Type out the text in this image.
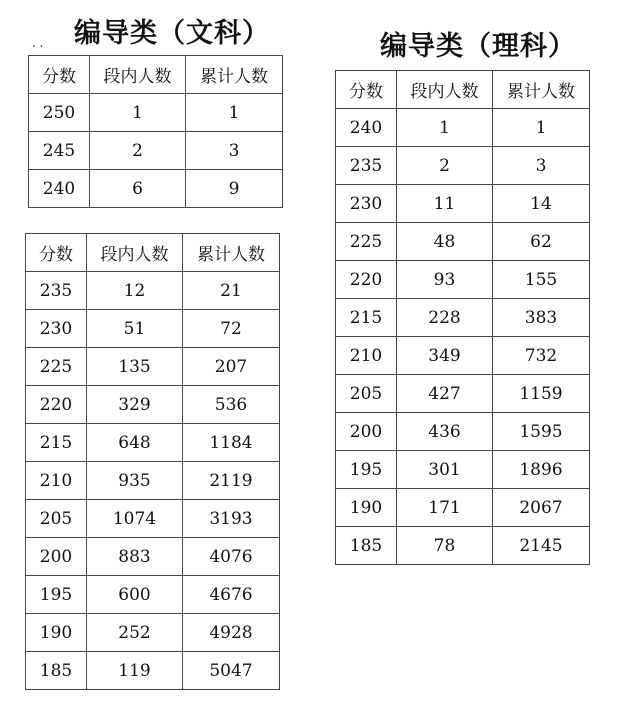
. . 编导类（文科）	编导类（理科）
分数	段内人数	累计人数
250	1	1
245	2	3
240	6	9
分数	段内人数	累计人数
235	12	21
230	51	72
225	135	207
220	329	536
215	648	1184
210	935	2119
205	1074	3193
200	883	4076
195	600	4676
190	252	4928
185	119	5047
分数	段内人数	累计人数
240	1	1
235	2	3
230	11	14
225	48	62
220	93	155
215	228	383
210	349	732
205	427	1159
200	436	1595
195	301	1896
190	171	2067
185	78	2145
